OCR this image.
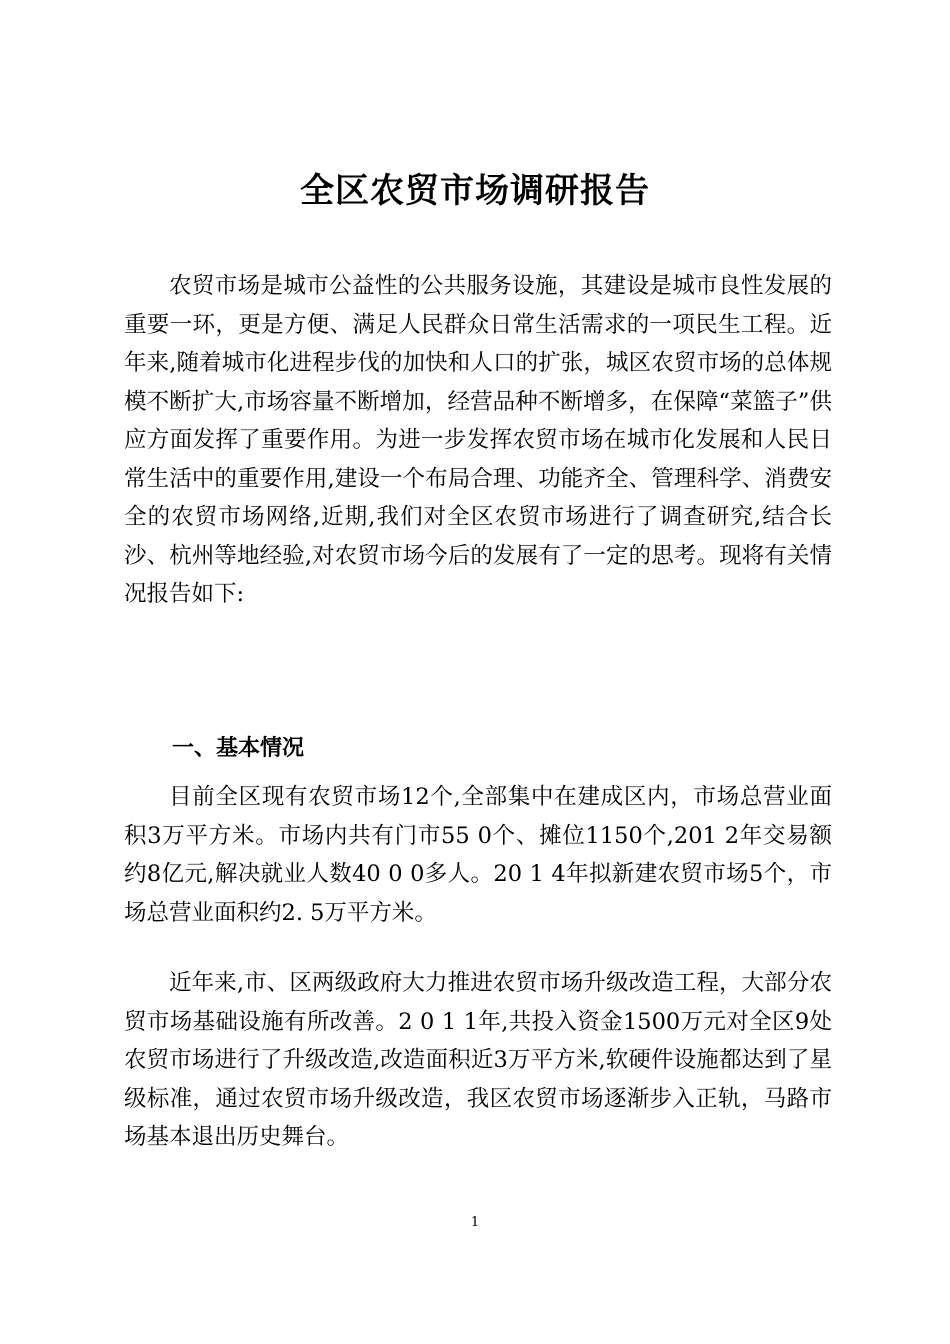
全区农贸市场调研报告

农贸市场是城市公益性的公共服务设施，其建设是城市良性发展的重要一环，更是方便、满足人民群众日常生活需求的一项民生工程。近年来,随着城市化进程步伐的加快和人口的扩张，城区农贸市场的总体规模不断扩大,市场容量不断增加，经营品种不断增多，在保障“菜篮子”供应方面发挥了重要作用。为进一步发挥农贸市场在城市化发展和人民日常生活中的重要作用,建设一个布局合理、功能齐全、管理科学、消费安全的农贸市场网络,近期,我们对全区农贸市场进行了调查研究,结合长沙、杭州等地经验,对农贸市场今后的发展有了一定的思考。现将有关情况报告如下:

一、基本情况

目前全区现有农贸市场12个,全部集中在建成区内，市场总营业面积3万平方米。市场内共有门市55 0个、摊位1150个,201 2年交易额约8亿元,解决就业人数40 0 0多人。20 1 4年拟新建农贸市场5个，市场总营业面积约2. 5万平方米。

近年来,市、区两级政府大力推进农贸市场升级改造工程，大部分农贸市场基础设施有所改善。2 0 1 1年,共投入资金1500万元对全区9处农贸市场进行了升级改造,改造面积近3万平方米,软硬件设施都达到了星级标准，通过农贸市场升级改造，我区农贸市场逐渐步入正轨，马路市场基本退出历史舞台。

1
